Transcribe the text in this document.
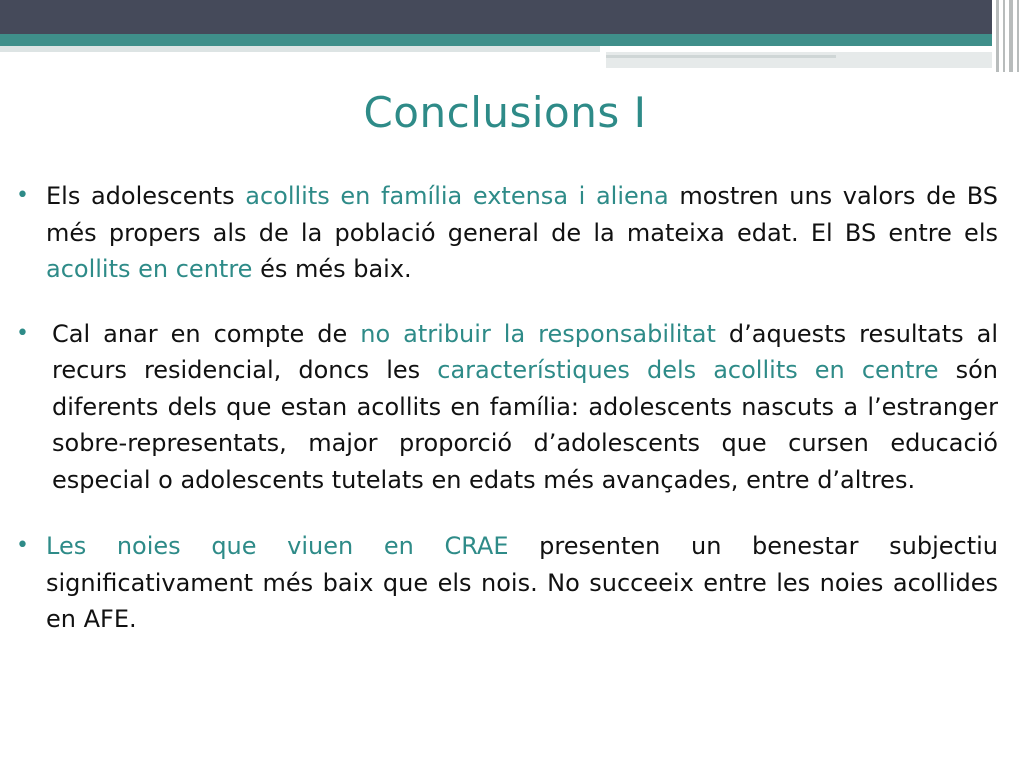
Conclusions I
• Els adolescents acollits en família extensa i aliena mostren uns valors de BS més propers als de la població general de la mateixa edat. El BS entre els acollits en centre és més baix.
• Cal anar en compte de no atribuir la responsabilitat d’aquests resultats al recurs residencial, doncs les característiques dels acollits en centre són diferents dels que estan acollits en família: adolescents nascuts a l’estranger sobre-representats, major proporció d’adolescents que cursen educació especial o adolescents tutelats en edats més avançades, entre d’altres.
• Les noies que viuen en CRAE presenten un benestar subjectiu significativament més baix que els nois. No succeeix entre les noies acollides en AFE.
